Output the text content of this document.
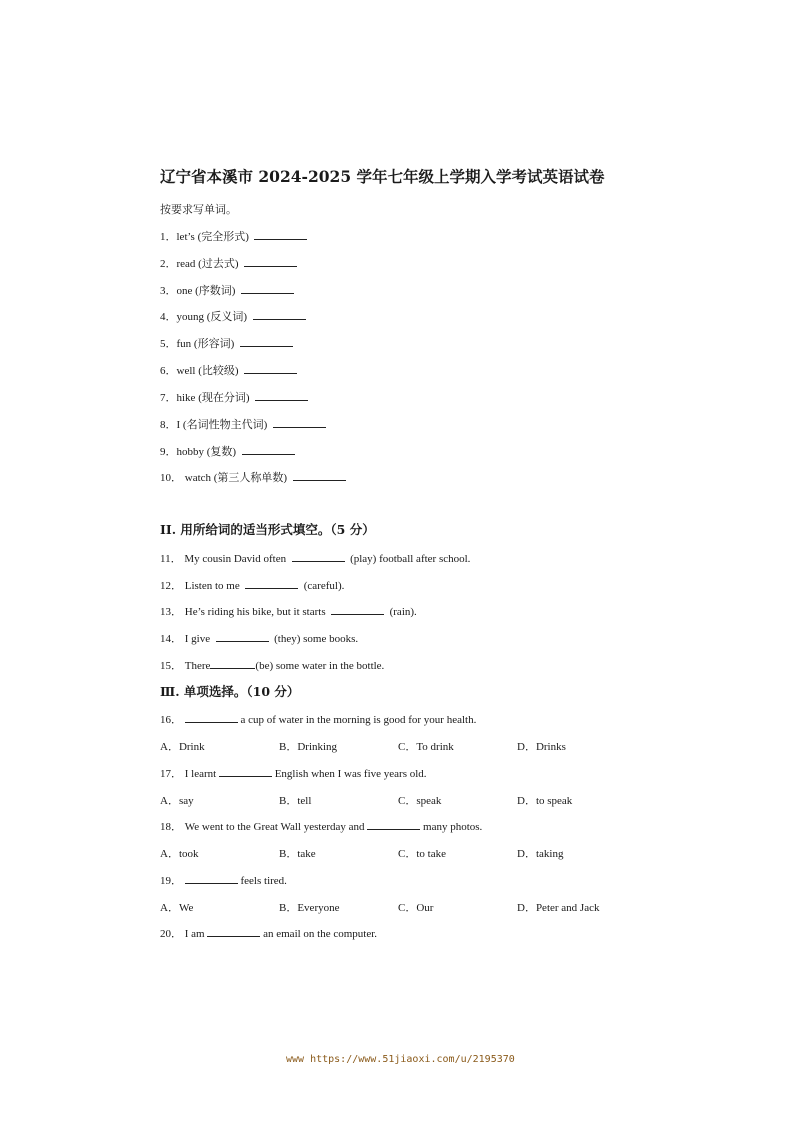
辽宁省本溪市 2024-2025 学年七年级上学期入学考试英语试卷
按要求写单词。
1．let’s (完全形式)
2．read (过去式)
3．one (序数词)
4．young (反义词)
5．fun (形容词)
6．well (比较级)
7．hike (现在分词)
8．I (名词性物主代词)
9．hobby (复数)
10． watch (第三人称单数)
II. 用所给词的适当形式填空。（5 分）
11． My cousin David often	(play) football after school.
12． Listen to me	(careful).
13． He’s riding his bike, but it starts	(rain).
14． I give	(they) some books.
15． There	(be) some water in the bottle.
Ⅲ. 单项选择。（10 分）
16．	a cup of water in the morning is good for your health.
A．Drink	B．Drinking	C．To drink	D．Drinks
17． I learnt	English when I was five years old.
A．say	B．tell	C．speak	D．to speak
18． We went to the Great Wall yesterday and	many photos.
A．took	B．take	C．to take	D．taking
19．	feels tired.
A．We	B．Everyone	C．Our	D．Peter and Jack
20． I am	an email on the computer.
www https://www.51jiaoxi.com/u/2195370
